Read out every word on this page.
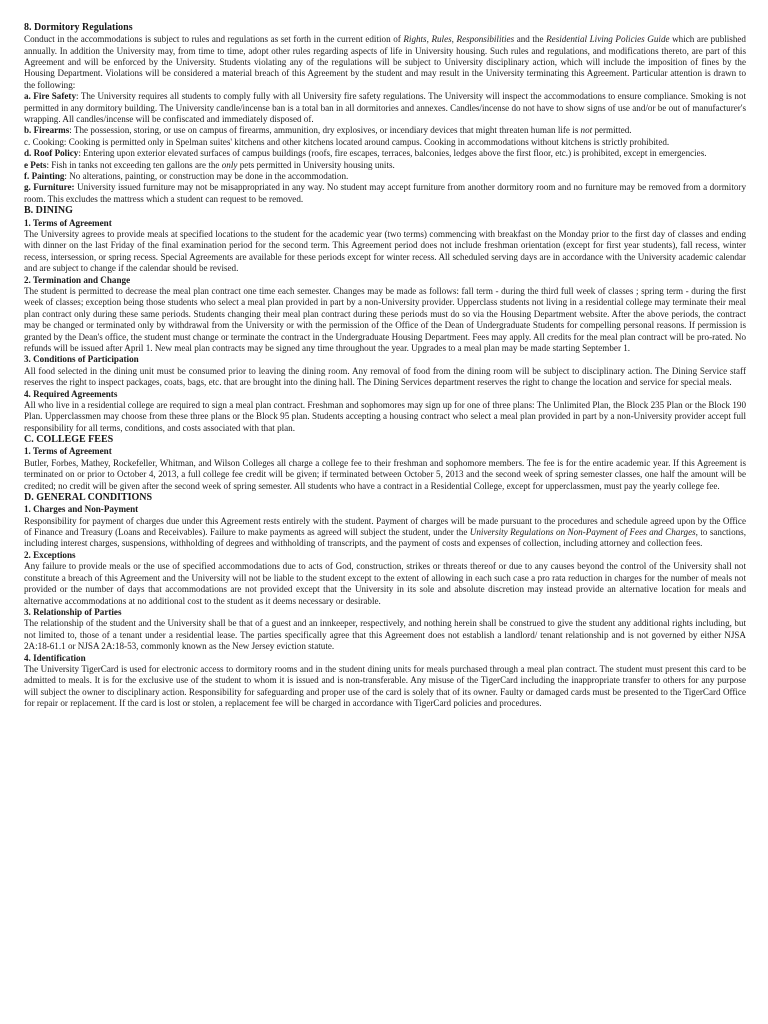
8. Dormitory Regulations

Conduct in the accommodations is subject to rules and regulations as set forth in the current edition of Rights, Rules, Responsibilities and the Residential Living Policies Guide which are published annually. In addition the University may, from time to time, adopt other rules regarding aspects of life in University housing. Such rules and regulations, and modifications thereto, are part of this Agreement and will be enforced by the University. Students violating any of the regulations will be subject to University disciplinary action, which will include the imposition of fines by the Housing Department. Violations will be considered a material breach of this Agreement by the student and may result in the University terminating this Agreement. Particular attention is drawn to the following:

a. Fire Safety: The University requires all students to comply fully with all University fire safety regulations. The University will inspect the accommodations to ensure compliance. Smoking is not permitted in any dormitory building. The University candle/incense ban is a total ban in all dormitories and annexes. Candles/incense do not have to show signs of use and/or be out of manufacturer's wrapping. All candles/incense will be confiscated and immediately disposed of.

b. Firearms: The possession, storing, or use on campus of firearms, ammunition, dry explosives, or incendiary devices that might threaten human life is not permitted.

c. Cooking: Cooking is permitted only in Spelman suites' kitchens and other kitchens located around campus. Cooking in accommodations without kitchens is strictly prohibited.

d. Roof Policy: Entering upon exterior elevated surfaces of campus buildings (roofs, fire escapes, terraces, balconies, ledges above the first floor, etc.) is prohibited, except in emergencies.

e Pets: Fish in tanks not exceeding ten gallons are the only pets permitted in University housing units.

f. Painting: No alterations, painting, or construction may be done in the accommodation.

g. Furniture: University issued furniture may not be misappropriated in any way. No student may accept furniture from another dormitory room and no furniture may be removed from a dormitory room. This excludes the mattress which a student can request to be removed.

B. DINING

1. Terms of Agreement

The University agrees to provide meals at specified locations to the student for the academic year (two terms) commencing with breakfast on the Monday prior to the first day of classes and ending with dinner on the last Friday of the final examination period for the second term. This Agreement period does not include freshman orientation (except for first year students), fall recess, winter recess, intersession, or spring recess. Special Agreements are available for these periods except for winter recess. All scheduled serving days are in accordance with the University academic calendar and are subject to change if the calendar should be revised.

2. Termination and Change

The student is permitted to decrease the meal plan contract one time each semester. Changes may be made as follows: fall term - during the third full week of classes ; spring term - during the first week of classes; exception being those students who select a meal plan provided in part by a non-University provider. Upperclass students not living in a residential college may terminate their meal plan contract only during these same periods. Students changing their meal plan contract during these periods must do so via the Housing Department website. After the above periods, the contract may be changed or terminated only by withdrawal from the University or with the permission of the Office of the Dean of Undergraduate Students for compelling personal reasons. If permission is granted by the Dean's office, the student must change or terminate the contract in the Undergraduate Housing Department. Fees may apply. All credits for the meal plan contract will be pro-rated. No refunds will be issued after April 1. New meal plan contracts may be signed any time throughout the year. Upgrades to a meal plan may be made starting September 1.

3. Conditions of Participation

All food selected in the dining unit must be consumed prior to leaving the dining room. Any removal of food from the dining room will be subject to disciplinary action. The Dining Service staff reserves the right to inspect packages, coats, bags, etc. that are brought into the dining hall. The Dining Services department reserves the right to change the location and service for special meals.

4. Required Agreements

All who live in a residential college are required to sign a meal plan contract. Freshman and sophomores may sign up for one of three plans: The Unlimited Plan, the Block 235 Plan or the Block 190 Plan. Upperclassmen may choose from these three plans or the Block 95 plan. Students accepting a housing contract who select a meal plan provided in part by a non-University provider accept full responsibility for all terms, conditions, and costs associated with that plan.

C. COLLEGE FEES

1. Terms of Agreement

Butler, Forbes, Mathey, Rockefeller, Whitman, and Wilson Colleges all charge a college fee to their freshman and sophomore members. The fee is for the entire academic year. If this Agreement is terminated on or prior to October 4, 2013, a full college fee credit will be given; if terminated between October 5, 2013 and the second week of spring semester classes, one half the amount will be credited; no credit will be given after the second week of spring semester. All students who have a contract in a Residential College, except for upperclassmen, must pay the yearly college fee.

D. GENERAL CONDITIONS

1. Charges and Non-Payment

Responsibility for payment of charges due under this Agreement rests entirely with the student. Payment of charges will be made pursuant to the procedures and schedule agreed upon by the Office of Finance and Treasury (Loans and Receivables). Failure to make payments as agreed will subject the student, under the University Regulations on Non-Payment of Fees and Charges, to sanctions, including interest charges, suspensions, withholding of degrees and withholding of transcripts, and the payment of costs and expenses of collection, including attorney and collection fees.

2. Exceptions

Any failure to provide meals or the use of specified accommodations due to acts of God, construction, strikes or threats thereof or due to any causes beyond the control of the University shall not constitute a breach of this Agreement and the University will not be liable to the student except to the extent of allowing in each such case a pro rata reduction in charges for the number of meals not provided or the number of days that accommodations are not provided except that the University in its sole and absolute discretion may instead provide an alternative location for meals and alternative accommodations at no additional cost to the student as it deems necessary or desirable.

3. Relationship of Parties

The relationship of the student and the University shall be that of a guest and an innkeeper, respectively, and nothing herein shall be construed to give the student any additional rights including, but not limited to, those of a tenant under a residential lease. The parties specifically agree that this Agreement does not establish a landlord/ tenant relationship and is not governed by either NJSA 2A:18-61.1 or NJSA 2A:18-53, commonly known as the New Jersey eviction statute.

4. Identification

The University TigerCard is used for electronic access to dormitory rooms and in the student dining units for meals purchased through a meal plan contract. The student must present this card to be admitted to meals. It is for the exclusive use of the student to whom it is issued and is non-transferable. Any misuse of the TigerCard including the inappropriate transfer to others for any purpose will subject the owner to disciplinary action. Responsibility for safeguarding and proper use of the card is solely that of its owner. Faulty or damaged cards must be presented to the TigerCard Office for repair or replacement. If the card is lost or stolen, a replacement fee will be charged in accordance with TigerCard policies and procedures.
